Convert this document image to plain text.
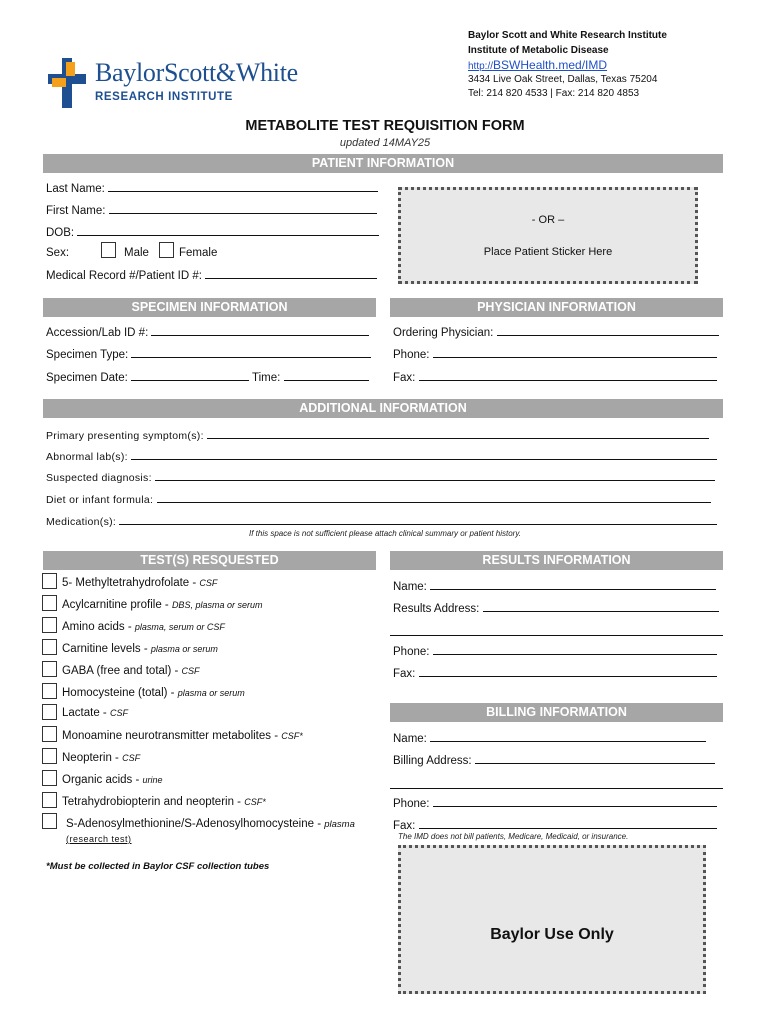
BaylorScott&White
RESEARCH INSTITUTE
Baylor Scott and White Research Institute
Institute of Metabolic Disease
http://BSWHealth.med/IMD
3434 Live Oak Street, Dallas, Texas 75204
Tel: 214 820 4533 | Fax: 214 820 4853
METABOLITE TEST REQUISITION FORM
updated 14MAY25
PATIENT INFORMATION
Last Name:
First Name:
DOB:
Sex:	Male	Female
Medical Record #/Patient ID #:
- OR –
Place Patient Sticker Here
SPECIMEN INFORMATION	PHYSICIAN INFORMATION
Accession/Lab ID #:
Specimen Type:
Specimen Date:	Time:
Ordering Physician:
Phone:
Fax:
ADDITIONAL INFORMATION
Primary presenting symptom(s):
Abnormal lab(s):
Suspected diagnosis:
Diet or infant formula:
Medication(s):
If this space is not sufficient please attach clinical summary or patient history.
TEST(S) RESQUESTED	RESULTS INFORMATION
5- Methyltetrahydrofolate - CSF
Acylcarnitine profile - DBS, plasma or serum
Amino acids - plasma, serum or CSF
Carnitine levels - plasma or serum
GABA (free and total) - CSF
Homocysteine (total) - plasma or serum
Lactate - CSF
Monoamine neurotransmitter metabolites - CSF*
Neopterin - CSF
Organic acids - urine
Tetrahydrobiopterin and neopterin - CSF*
S-Adenosylmethionine/S-Adenosylhomocysteine - plasma
(research test)
*Must be collected in Baylor CSF collection tubes
Name:
Results Address:
Phone:
Fax:
BILLING INFORMATION
Name:
Billing Address:
Phone:
Fax:
The IMD does not bill patients, Medicare, Medicaid, or insurance.
Baylor Use Only
